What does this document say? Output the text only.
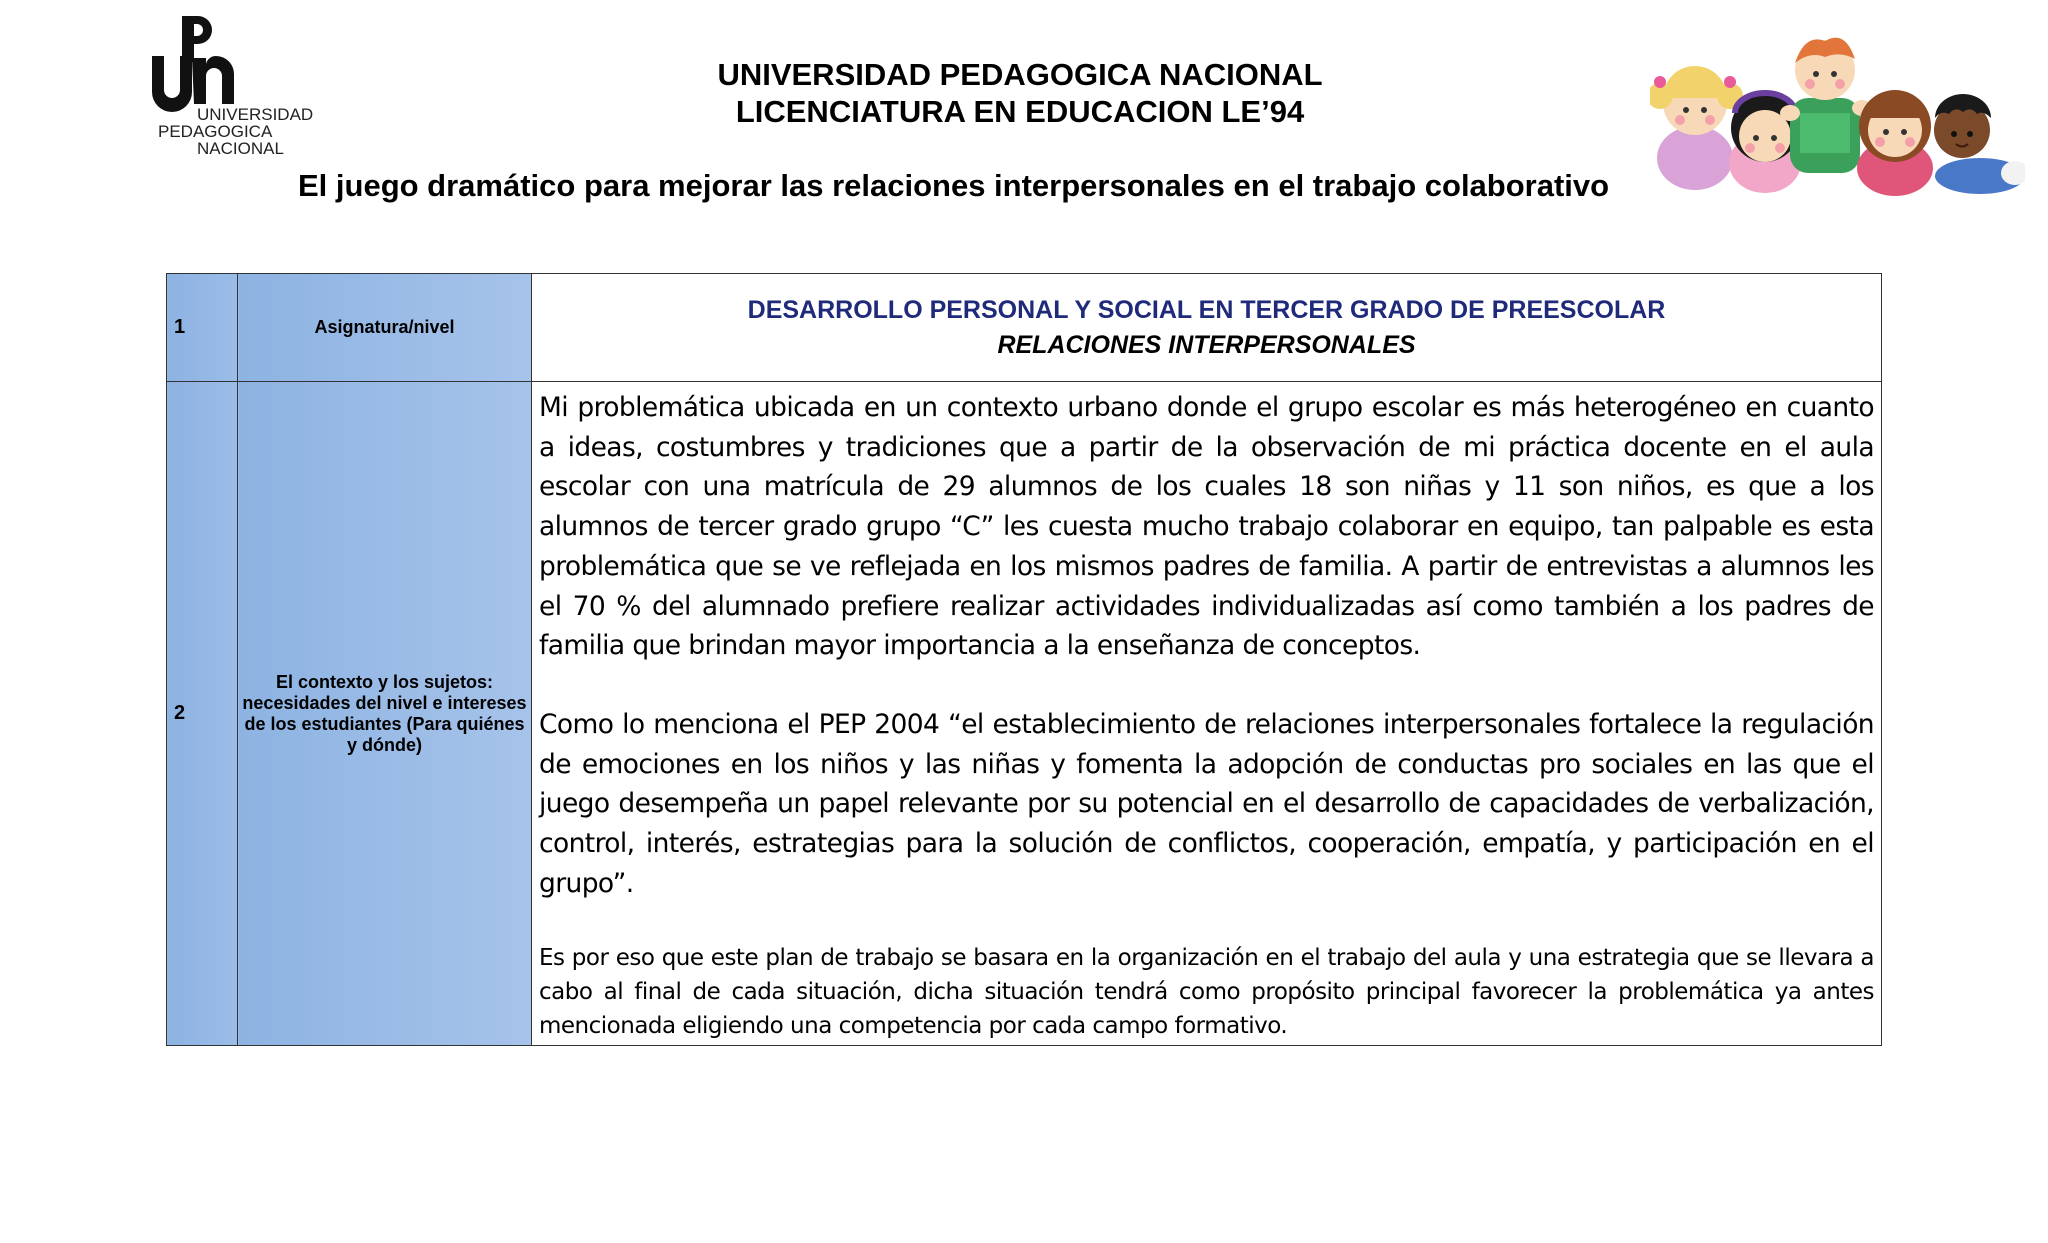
UNIVERSIDAD
PEDAGOGICA
NACIONAL
UNIVERSIDAD PEDAGOGICA NACIONAL
LICENCIATURA EN EDUCACION LE’94
El juego dramático para mejorar las relaciones interpersonales en el trabajo colaborativo
1	Asignatura/nivel	DESARROLLO PERSONAL Y SOCIAL EN TERCER GRADO DE PREESCOLAR
RELACIONES INTERPERSONALES

2	El contexto y los sujetos: necesidades del nivel e intereses de los estudiantes (Para quiénes y dónde)	Mi problemática ubicada en un contexto urbano donde el grupo escolar es más heterogéneo en cuanto a ideas, costumbres y tradiciones que a partir de la observación de mi práctica docente en el aula escolar con una matrícula de 29 alumnos de los cuales 18 son niñas y 11 son niños, es que a los alumnos de tercer grado grupo “C” les cuesta mucho trabajo colaborar en equipo, tan palpable es esta problemática que se ve reflejada en los mismos padres de familia. A partir de entrevistas a alumnos les el 70 % del alumnado prefiere realizar actividades individualizadas así como también a los padres de familia que brindan mayor importancia a la enseñanza de conceptos.
Como lo menciona el PEP 2004 “el establecimiento de relaciones interpersonales fortalece la regulación de emociones en los niños y las niñas y fomenta la adopción de conductas pro sociales en las que el juego desempeña un papel relevante por su potencial en el desarrollo de capacidades de verbalización, control, interés, estrategias para la solución de conflictos, cooperación, empatía, y participación en el grupo”.
Es por eso que este plan de trabajo se basara en la organización en el trabajo del aula y una estrategia que se llevara a cabo al final de cada situación, dicha situación tendrá como propósito principal favorecer la problemática ya antes mencionada eligiendo una competencia por cada campo formativo.
